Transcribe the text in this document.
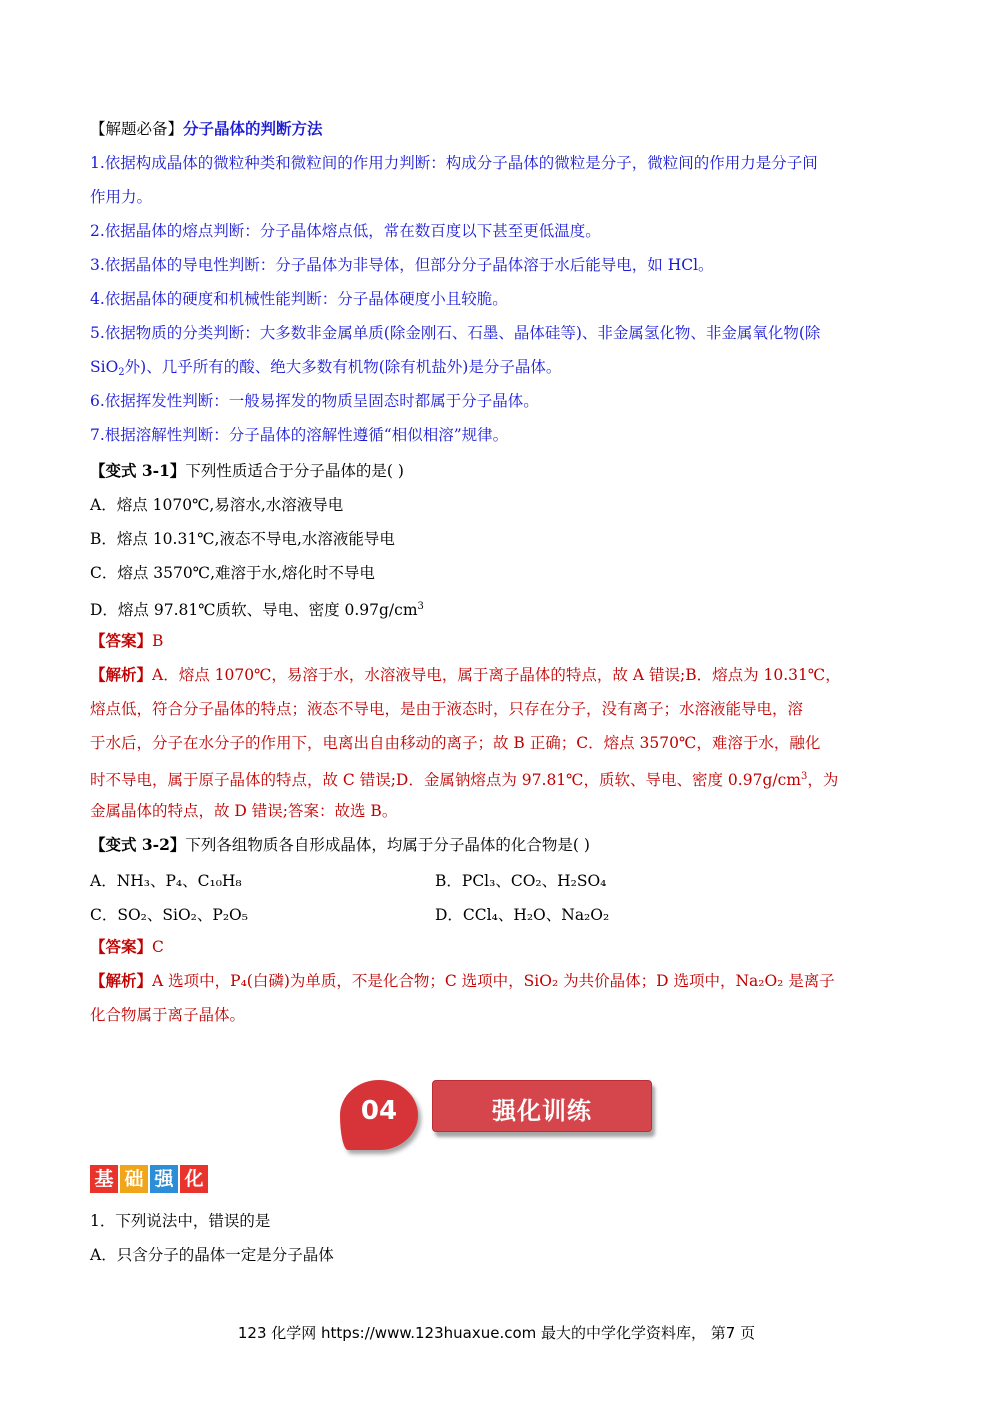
【解题必备】分子晶体的判断方法
1.依据构成晶体的微粒种类和微粒间的作用力判断：构成分子晶体的微粒是分子，微粒间的作用力是分子间
作用力。
2.依据晶体的熔点判断：分子晶体熔点低，常在数百度以下甚至更低温度。
3.依据晶体的导电性判断：分子晶体为非导体，但部分分子晶体溶于水后能导电，如 HCl。
4.依据晶体的硬度和机械性能判断：分子晶体硬度小且较脆。
5.依据物质的分类判断：大多数非金属单质(除金刚石、石墨、晶体硅等)、非金属氢化物、非金属氧化物(除
SiO$_2$外)、几乎所有的酸、绝大多数有机物(除有机盐外)是分子晶体。
6.依据挥发性判断：一般易挥发的物质呈固态时都属于分子晶体。
7.根据溶解性判断：分子晶体的溶解性遵循“相似相溶”规律。
【变式 3-1】下列性质适合于分子晶体的是( )
A．熔点 1070℃,易溶水,水溶液导电
B．熔点 10.31℃,液态不导电,水溶液能导电
C．熔点 3570℃,难溶于水,熔化时不导电
D．熔点 97.81℃质软、导电、密度 $0.97g/cm^3$
【答案】B
【解析】A．熔点 1070℃，易溶于水，水溶液导电，属于离子晶体的特点，故 A 错误;B．熔点为 10.31℃，
熔点低，符合分子晶体的特点；液态不导电，是由于液态时，只存在分子，没有离子；水溶液能导电，溶
于水后，分子在水分子的作用下，电离出自由移动的离子；故 B 正确；C．熔点 3570℃，难溶于水，融化
时不导电，属于原子晶体的特点，故 C 错误;D．金属钠熔点为 97.81℃，质软、导电、密度 $0.97g/cm^3$，为
金属晶体的特点，故 D 错误;答案：故选 B。
【变式 3-2】下列各组物质各自形成晶体，均属于分子晶体的化合物是( )
A．NH₃、P₄、C₁₀H₈	B．PCl₃、CO₂、H₂SO₄
C．SO₂、SiO₂、P₂O₅	D．CCl₄、H₂O、Na₂O₂
【答案】C
【解析】A 选项中，P₄(白磷)为单质，不是化合物；C 选项中，SiO₂ 为共价晶体；D 选项中，Na₂O₂ 是离子
化合物属于离子晶体。
基 础 强 化
1．下列说法中，错误的是
A．只含分子的晶体一定是分子晶体
04	强化训练
123 化学网 https://www.123huaxue.com 最大的中学化学资料库， 第7 页
